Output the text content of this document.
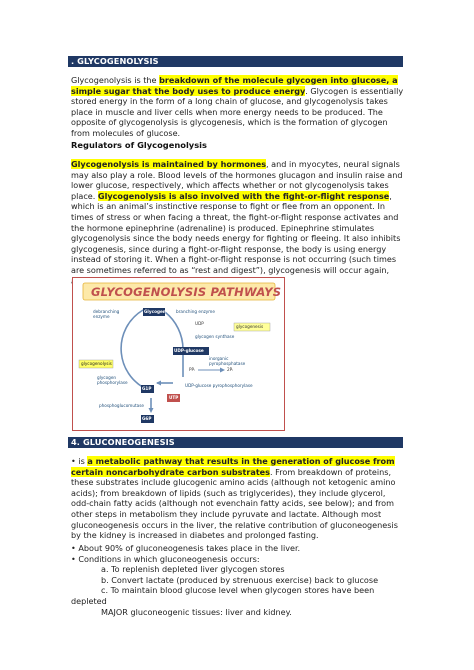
. GLYCOGENOLYSIS

Glycogenolysis is the breakdown of the molecule glycogen into glucose, a simple sugar that the body uses to produce energy. Glycogen is essentially stored energy in the form of a long chain of glucose, and glycogenolysis takes place in muscle and liver cells when more energy needs to be produced. The opposite of glycogenolysis is glycogenesis, which is the formation of glycogen from molecules of glucose.

Regulators of Glycogenolysis

Glycogenolysis is maintained by hormones, and in myocytes, neural signals may also play a role. Blood levels of the hormones glucagon and insulin raise and lower glucose, respectively, which affects whether or not glycogenolysis takes place. Glycogenolysis is also involved with the fight-or-flight response, which is an animal’s instinctive response to fight or flee from an opponent. In times of stress or when facing a threat, the fight-or-flight response activates and the hormone epinephrine (adrenaline) is produced. Epinephrine stimulates glycogenolysis since the body needs energy for fighting or fleeing. It also inhibits glycogenesis, since during a fight-or-flight response, the body is using energy instead of storing it. When a fight-or-flight response is not occurring (such times are sometimes referred to as “rest and digest”), glycogenesis will occur again,

GLYCOGENOLYSIS PATHWAYS
debranching
enzyme
Glycogen branching enzyme
UDP
glycogenesis
glycogen synthase
UDP-glucose
glycogenolysis
inorganic
pyrophosphatase
PPᵢ	2Pᵢ
glycogen
phosphorylase
G1P
UDP-glucose pyrophosphorylase
UTP
phosphoglucomutase
G6P
4. GLUCONEOGENESIS

• is a metabolic pathway that results in the generation of glucose from certain noncarbohydrate carbon substrates. From breakdown of proteins, these substrates include glucogenic amino acids (although not ketogenic amino acids); from breakdown of lipids (such as triglycerides), they include glycerol, odd-chain fatty acids (although not evenchain fatty acids, see below); and from other steps in metabolism they include pyruvate and lactate. Although most gluconeogenesis occurs in the liver, the relative contribution of gluconeogenesis by the kidney is increased in diabetes and prolonged fasting.

• About 90% of gluconeogenesis takes place in the liver.

• Conditions in which gluconeogenesis occurs:

a. To replenish depleted liver glycogen stores

b. Convert lactate (produced by strenuous exercise) back to glucose

c. To maintain blood glucose level when glycogen stores have been

depleted

MAJOR gluconeogenic tissues: liver and kidney.
